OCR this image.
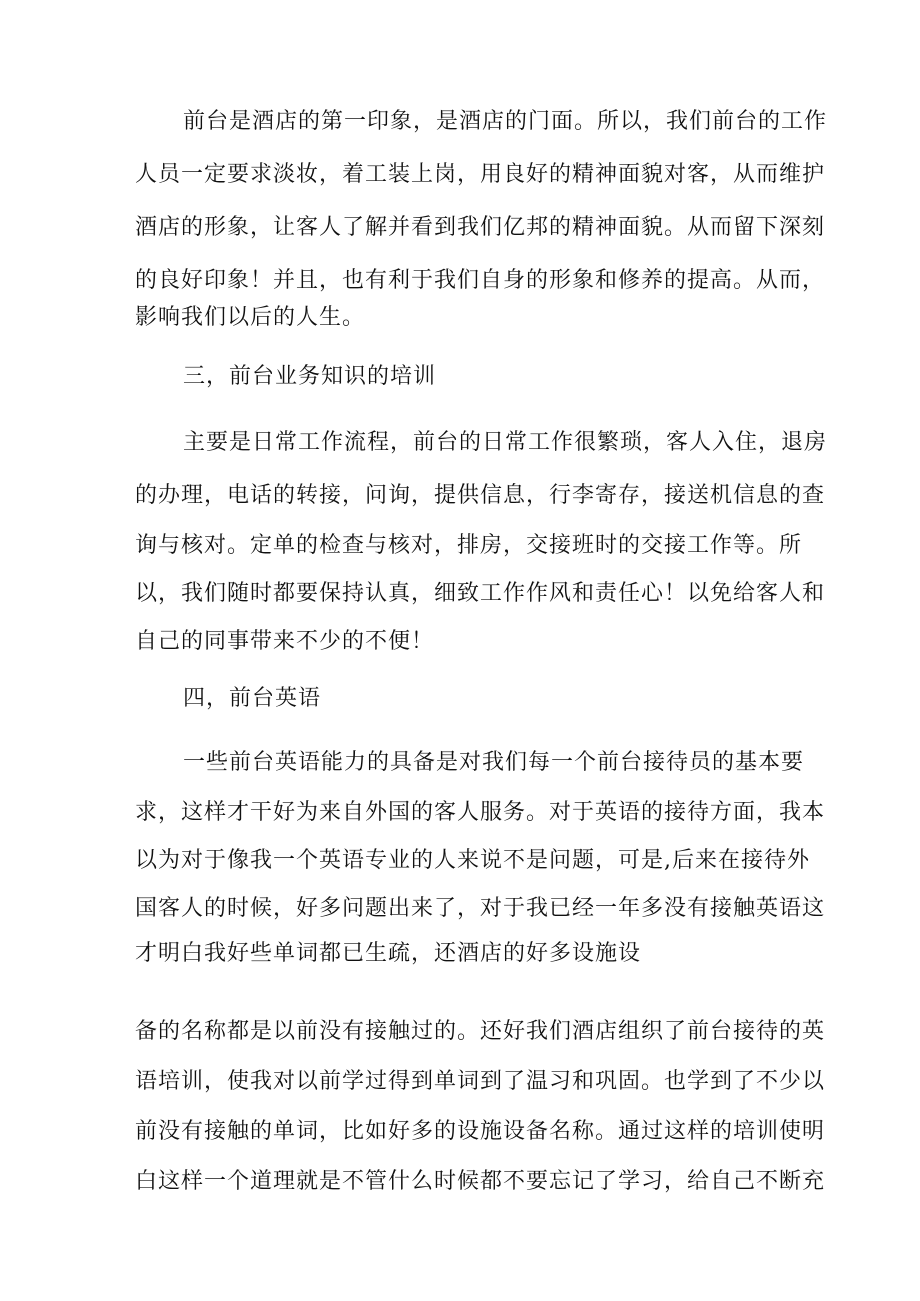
前台是酒店的第一印象，是酒店的门面。所以，我们前台的工作
人员一定要求淡妆，着工装上岗，用良好的精神面貌对客，从而维护
酒店的形象，让客人了解并看到我们亿邦的精神面貌。从而留下深刻
的良好印象！并且，也有利于我们自身的形象和修养的提高。从而，
影响我们以后的人生。
三，前台业务知识的培训
主要是日常工作流程，前台的日常工作很繁琐，客人入住，退房
的办理，电话的转接，问询，提供信息，行李寄存，接送机信息的查
询与核对。定单的检查与核对，排房，交接班时的交接工作等。所
以，我们随时都要保持认真，细致工作作风和责任心！以免给客人和
自己的同事带来不少的不便！
四，前台英语
一些前台英语能力的具备是对我们每一个前台接待员的基本要
求，这样才干好为来自外国的客人服务。对于英语的接待方面，我本
以为对于像我一个英语专业的人来说不是问题，可是,后来在接待外
国客人的时候，好多问题出来了，对于我已经一年多没有接触英语这
才明白我好些单词都已生疏，还酒店的好多设施设
备的名称都是以前没有接触过的。还好我们酒店组织了前台接待的英
语培训，使我对以前学过得到单词到了温习和巩固。也学到了不少以
前没有接触的单词，比如好多的设施设备名称。通过这样的培训使明
白这样一个道理就是不管什么时候都不要忘记了学习，给自己不断充
